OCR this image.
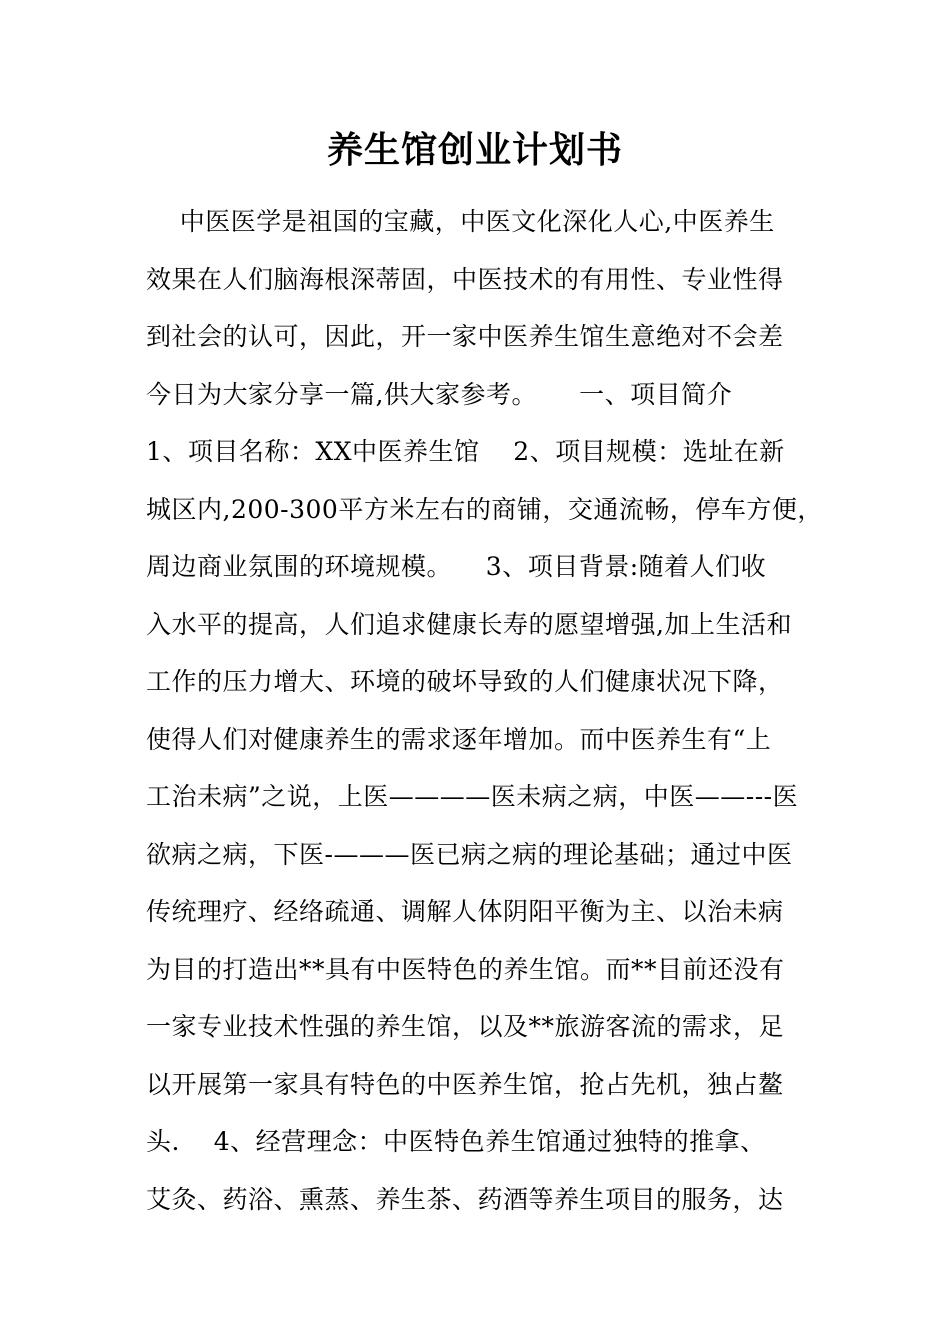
养生馆创业计划书
中医医学是祖国的宝藏，中医文化深化人心,中医养生
效果在人们脑海根深蒂固，中医技术的有用性、专业性得
到社会的认可，因此，开一家中医养生馆生意绝对不会差
今日为大家分享一篇,供大家参考。     一、项目简介
1、项目名称：XX中医养生馆    2、项目规模：选址在新
城区内,200-300平方米左右的商铺，交通流畅，停车方便，
周边商业氛围的环境规模。    3、项目背景:随着人们收
入水平的提高，人们追求健康长寿的愿望增强,加上生活和
工作的压力增大、环境的破坏导致的人们健康状况下降，
使得人们对健康养生的需求逐年增加。而中医养生有“上
工治未病”之说，上医————医未病之病，中医——---医
欲病之病，下医-———医已病之病的理论基础；通过中医
传统理疗、经络疏通、调解人体阴阳平衡为主、以治未病
为目的打造出**具有中医特色的养生馆。而**目前还没有
一家专业技术性强的养生馆，以及**旅游客流的需求，足
以开展第一家具有特色的中医养生馆，抢占先机，独占鳌
头.    4、经营理念：中医特色养生馆通过独特的推拿、
艾灸、药浴、熏蒸、养生茶、药酒等养生项目的服务，达
